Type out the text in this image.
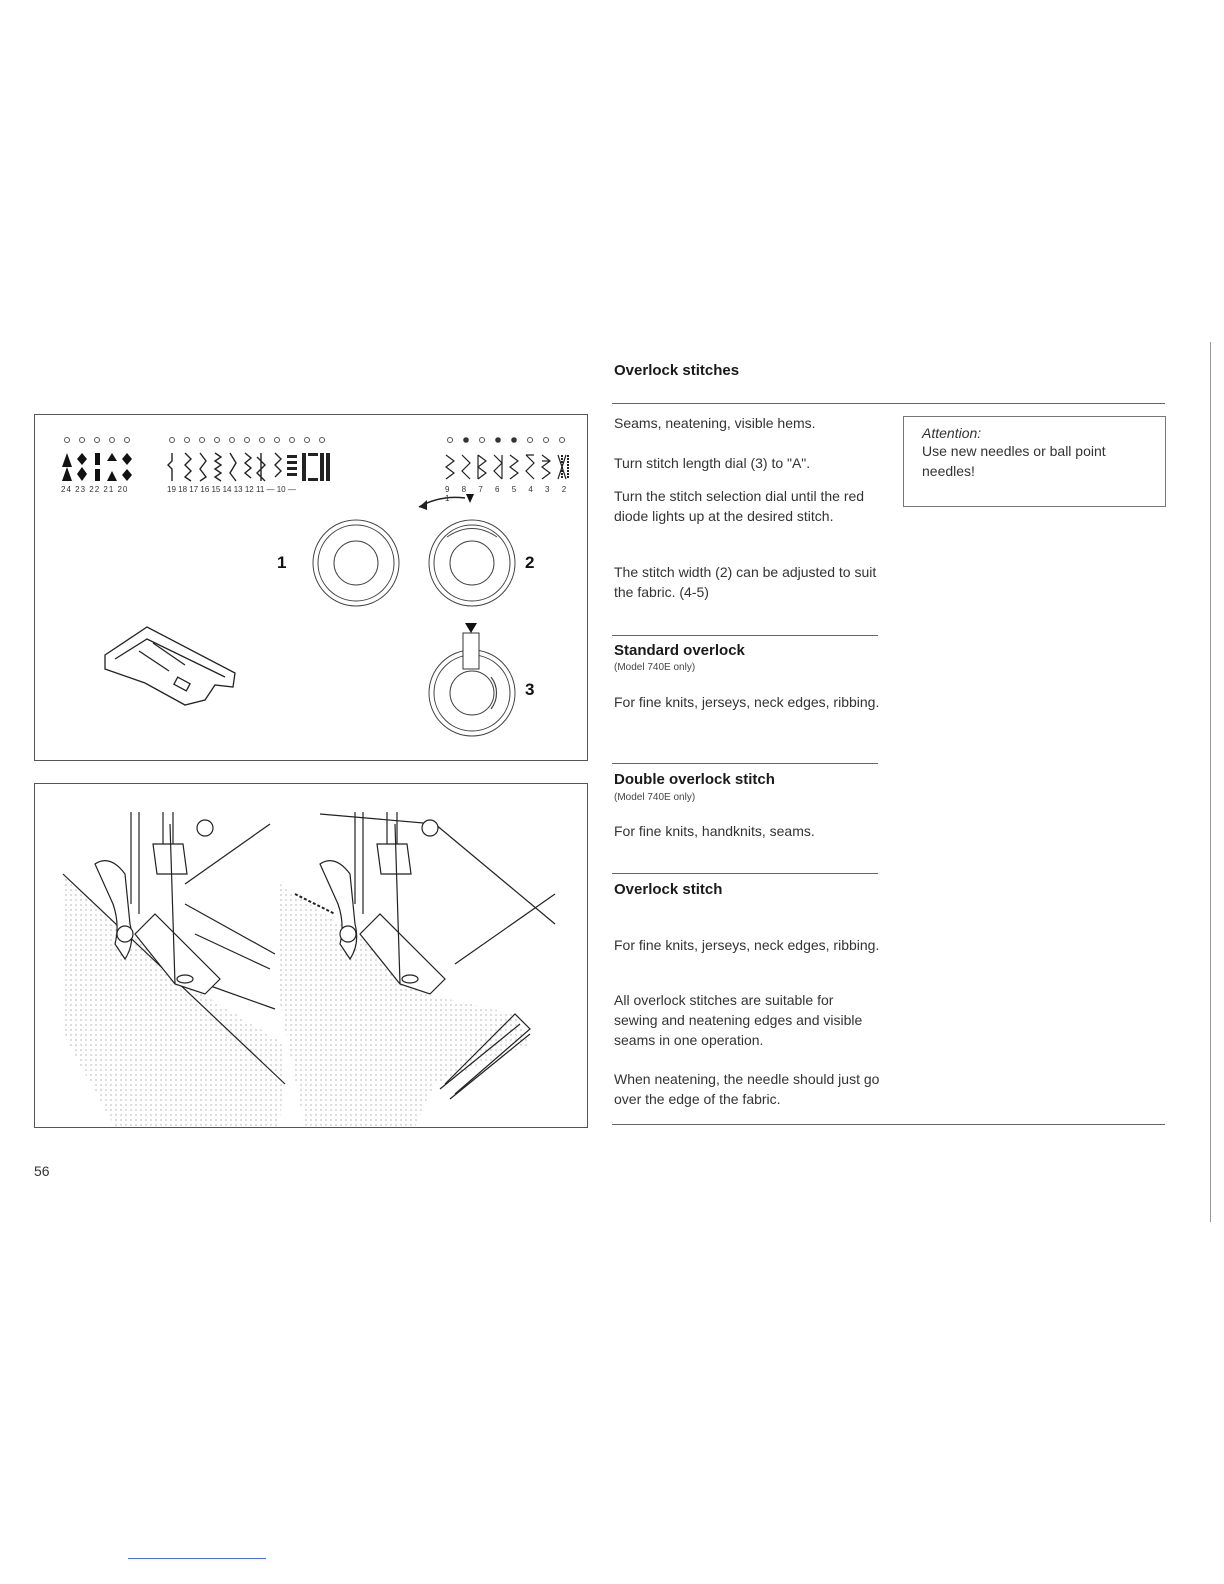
1	2
3
24 23 22 21 20	19 18 17 16 15 14 13 12 11 — 10 —	9 8 7 6 5 4 3 2 1
Overlock stitches
Seams, neatening, visible hems.
Turn stitch length dial (3) to "A".
Turn the stitch selection dial until the red diode lights up at the desired stitch.
The stitch width (2) can be adjusted to suit the fabric. (4-5)
Standard overlock
(Model 740E only)
For fine knits, jerseys, neck edges, ribbing.
Double overlock stitch
(Model 740E only)
For fine knits, handknits, seams.
Overlock stitch
For fine knits, jerseys, neck edges, ribbing.
All overlock stitches are suitable for sewing and neatening edges and visible seams in one operation.
When neatening, the needle should just go over the edge of the fabric.
Attention:
Use new needles or ball point needles!
56
